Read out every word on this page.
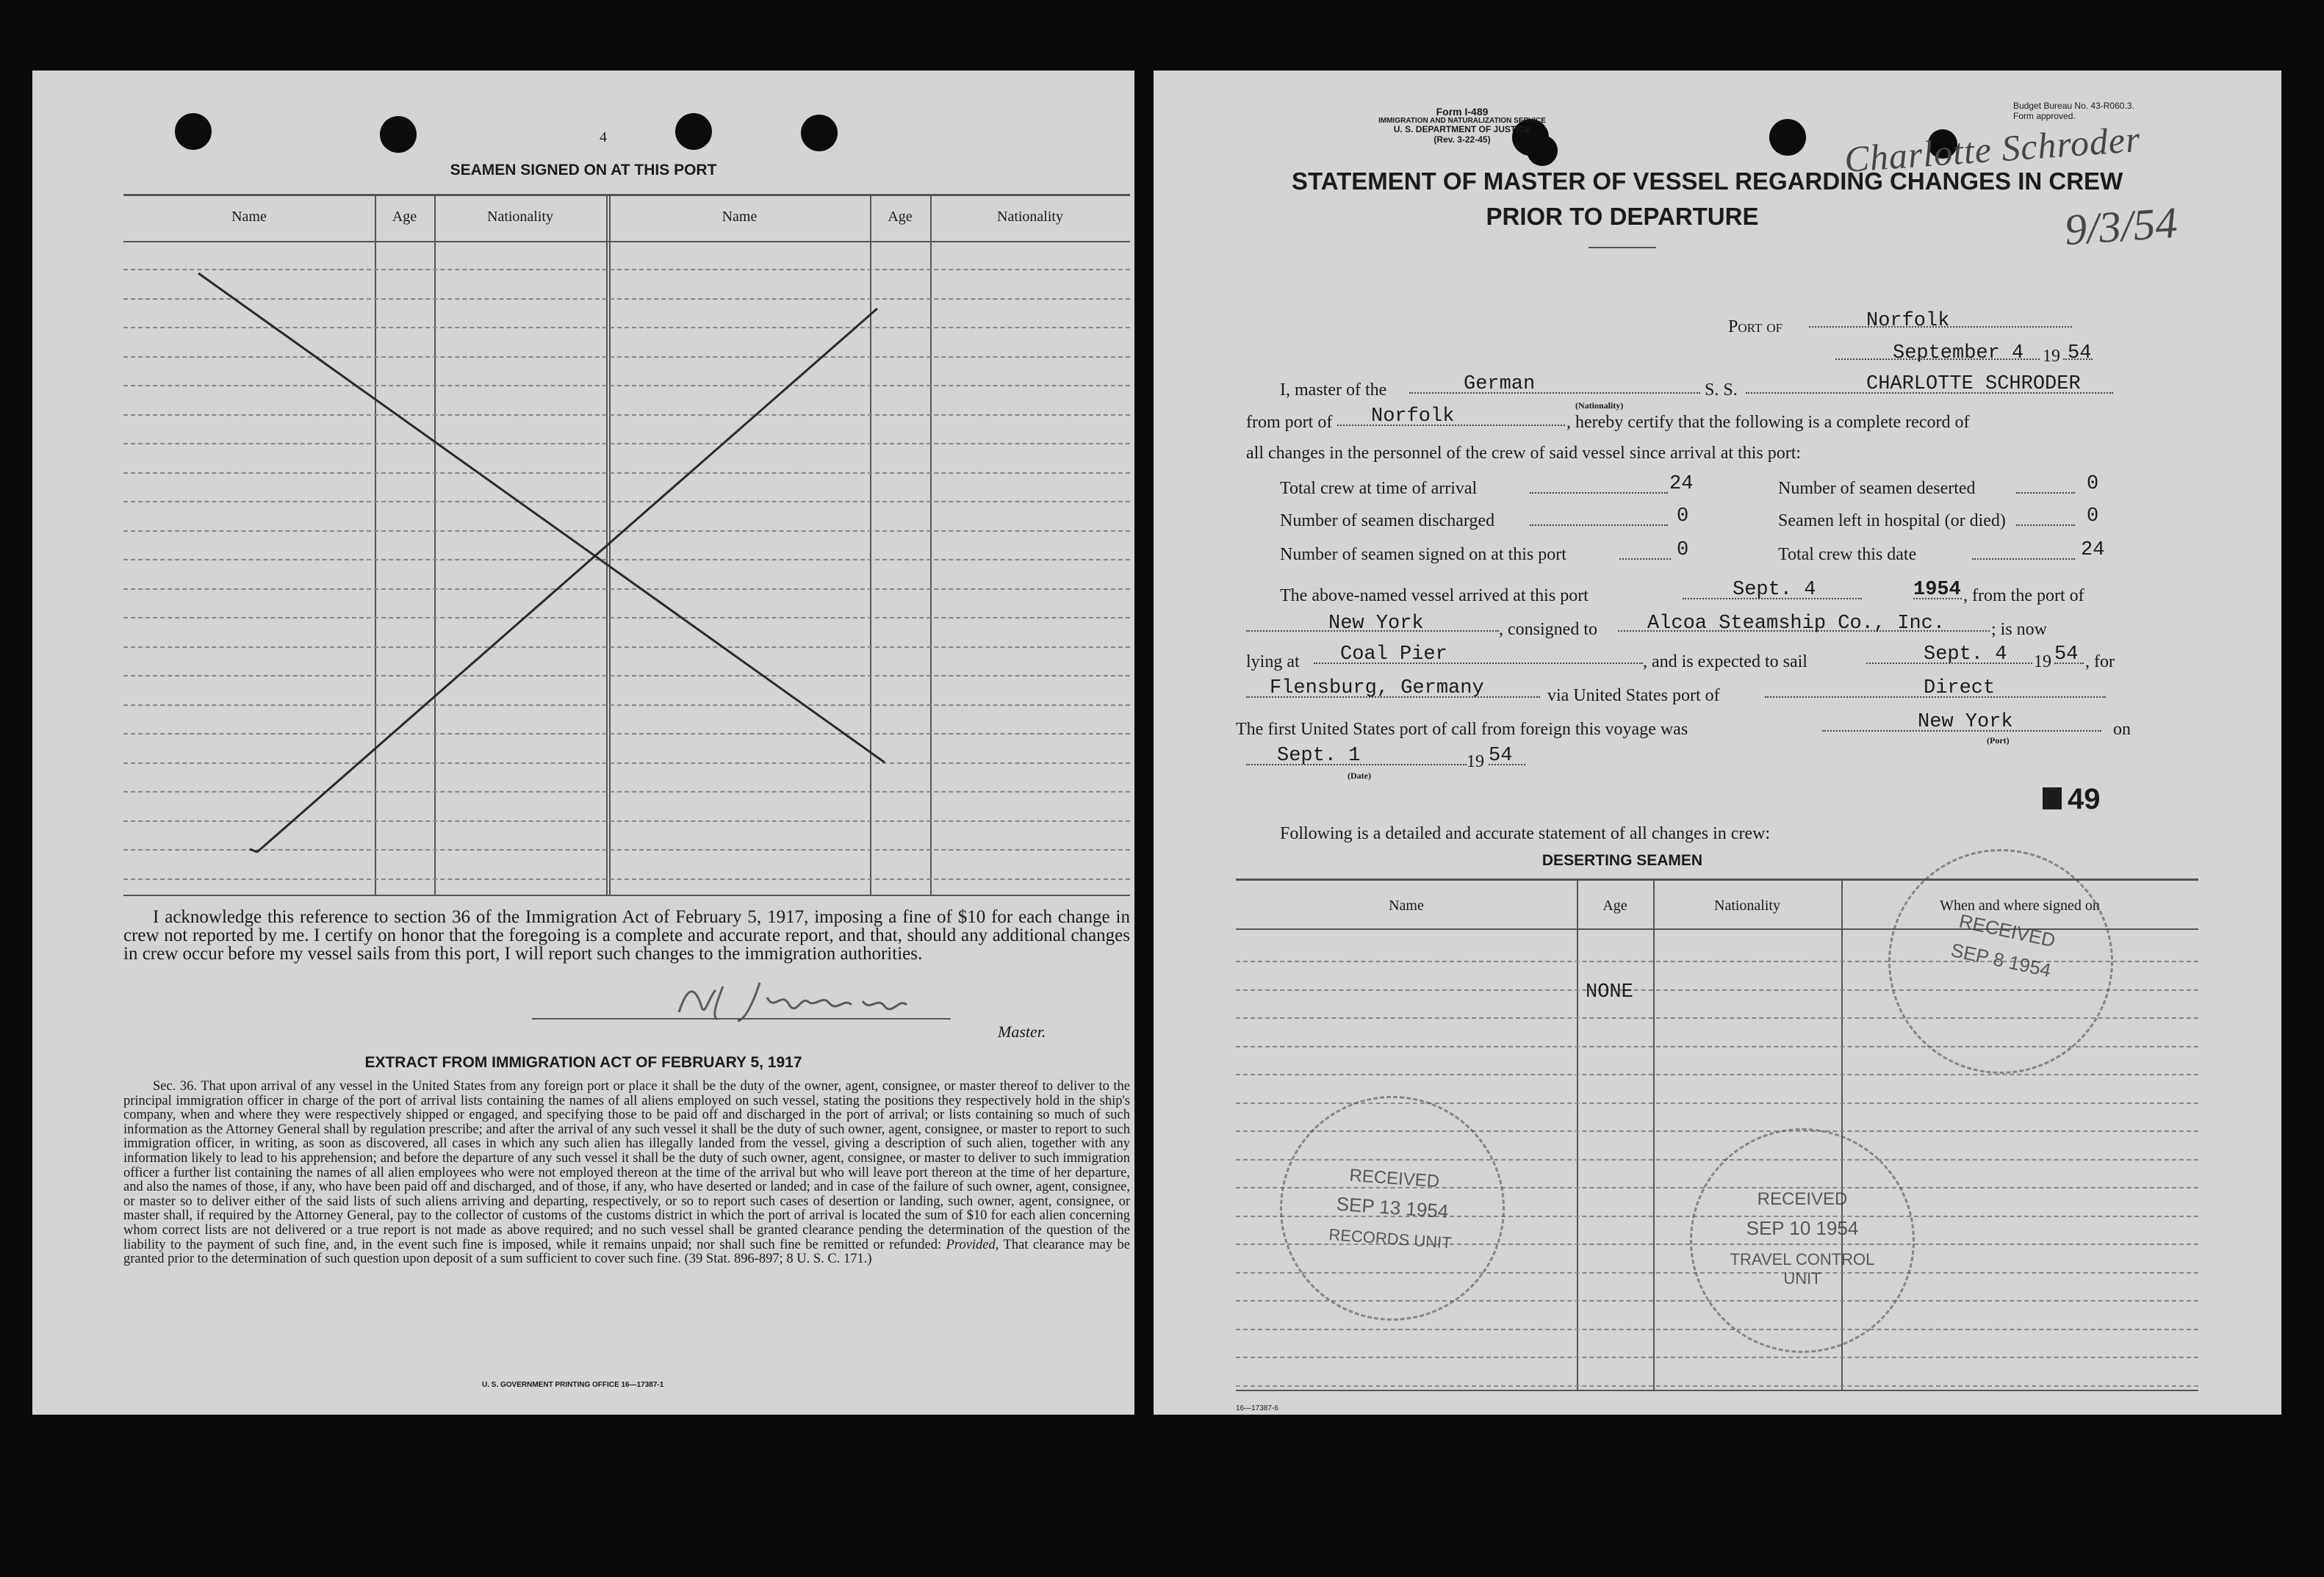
4
SEAMEN SIGNED ON AT THIS PORT
Name	Age	Nationality	Name	Age	Nationality
I acknowledge this reference to section 36 of the Immigration Act of February 5, 1917, imposing a fine of $10 for each change in crew not reported by me. I certify on honor that the foregoing is a complete and accurate report, and that, should any additional changes in crew occur before my vessel sails from this port, I will report such changes to the immigration authorities.
Master.
EXTRACT FROM IMMIGRATION ACT OF FEBRUARY 5, 1917
Sec. 36. That upon arrival of any vessel in the United States from any foreign port or place it shall be the duty of the owner, agent, consignee, or master thereof to deliver to the principal immigration officer in charge of the port of arrival lists containing the names of all aliens employed on such vessel, stating the positions they respectively hold in the ship's company, when and where they were respectively shipped or engaged, and specifying those to be paid off and discharged in the port of arrival; or lists containing so much of such information as the Attorney General shall by regulation prescribe; and after the arrival of any such vessel it shall be the duty of such owner, agent, consignee, or master to report to such immigration officer, in writing, as soon as discovered, all cases in which any such alien has illegally landed from the vessel, giving a description of such alien, together with any information likely to lead to his apprehension; and before the departure of any such vessel it shall be the duty of such owner, agent, consignee, or master to deliver to such immigration officer a further list containing the names of all alien employees who were not employed thereon at the time of the arrival but who will leave port thereon at the time of her departure, and also the names of those, if any, who have been paid off and discharged, and of those, if any, who have deserted or landed; and in case of the failure of such owner, agent, consignee, or master so to deliver either of the said lists of such aliens arriving and departing, respectively, or so to report such cases of desertion or landing, such owner, agent, consignee, or master shall, if required by the Attorney General, pay to the collector of customs of the customs district in which the port of arrival is located the sum of $10 for each alien concerning whom correct lists are not delivered or a true report is not made as above required; and no such vessel shall be granted clearance pending the determination of the question of the liability to the payment of such fine, and, in the event such fine is imposed, while it remains unpaid; nor shall such fine be remitted or refunded: Provided, That clearance may be granted prior to the determination of such question upon deposit of a sum sufficient to cover such fine. (39 Stat. 896-897; 8 U. S. C. 171.)
U. S. GOVERNMENT PRINTING OFFICE 16—17387-1
Form I-489
IMMIGRATION AND NATURALIZATION SERVICE
U. S. DEPARTMENT OF JUSTICE
(Rev. 3-22-45)
Budget Bureau No. 43-R060.3.
Form approved.
Charlotte Schroder
9/3/54
STATEMENT OF MASTER OF VESSEL REGARDING CHANGES IN CREW
PRIOR TO DEPARTURE
Port of	Norfolk
September 4 19 54
I, master of the	German
(Nationality)
S. S.	CHARLOTTE SCHRODER
from port of Norfolk	, hereby certify that the following is a complete record of
all changes in the personnel of the crew of said vessel since arrival at this port:
Total crew at time of arrival	24	Number of seamen deserted	0
Number of seamen discharged	0	Seamen left in hospital (or died)	0
Number of seamen signed on at this port	0	Total crew this date	24
The above-named vessel arrived at this port	Sept. 4	1954 , from the port of
New York	, consigned to	Alcoa Steamship Co., Inc.	; is now
lying at Coal Pier	, and is expected to sail	Sept. 4 19 54 , for
Flensburg, Germany	via United States port of	Direct
The first United States port of call from foreign this voyage was	New York
(Port)
on
Sept. 1
(Date)
19 54
49
Following is a detailed and accurate statement of all changes in crew:
DESERTING SEAMEN
Name	Age	Nationality	When and where signed on
NONE
16—17387-6
RECEIVED
SEP 8 1954
RECEIVED
SEP 13 1954
RECORDS UNIT
RECEIVED
SEP 10 1954
TRAVEL CONTROL UNIT
